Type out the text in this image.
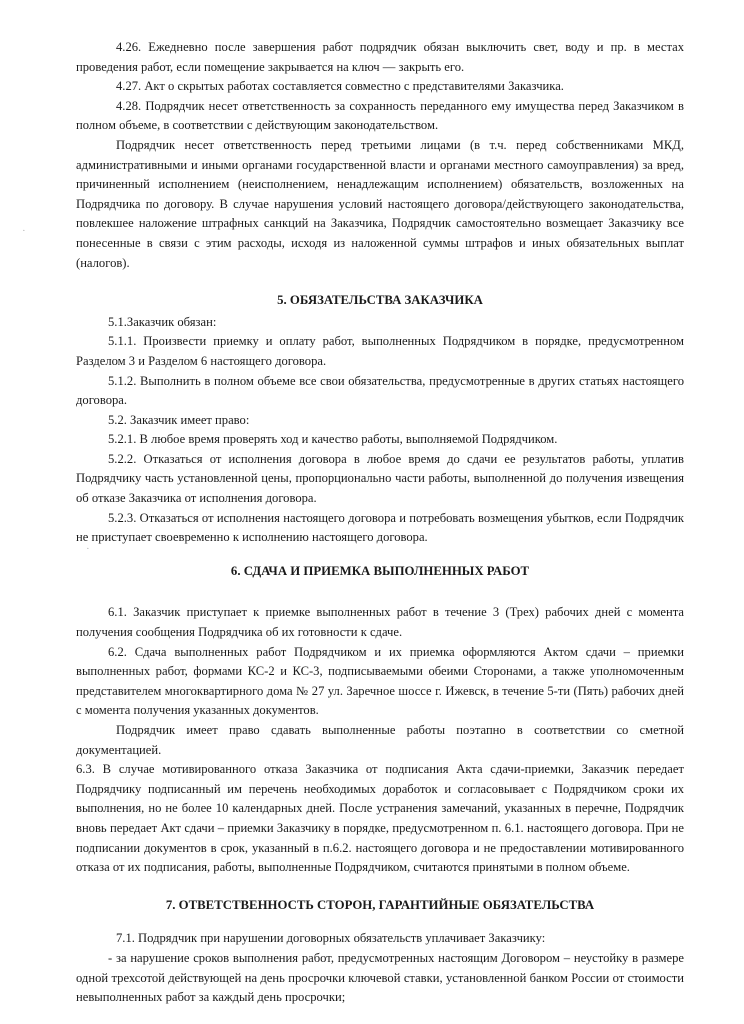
4.26. Ежедневно после завершения работ подрядчик обязан выключить свет, воду и пр. в местах проведения работ, если помещение закрывается на ключ — закрыть его.

4.27. Акт о скрытых работах составляется совместно с представителями Заказчика.

4.28. Подрядчик несет ответственность за сохранность переданного ему имущества перед Заказчиком в полном объеме, в соответствии с действующим законодательством.

Подрядчик несет ответственность перед третьими лицами (в т.ч. перед собственниками МКД, административными и иными органами государственной власти и органами местного самоуправления) за вред, причиненный исполнением (неисполнением, ненадлежащим исполнением) обязательств, возложенных на Подрядчика по договору. В случае нарушения условий настоящего договора/действующего законодательства, повлекшее наложение штрафных санкций на Заказчика, Подрядчик самостоятельно возмещает Заказчику все понесенные в связи с этим расходы, исходя из наложенной суммы штрафов и иных обязательных выплат (налогов).

5. ОБЯЗАТЕЛЬСТВА ЗАКАЗЧИКА

5.1.Заказчик обязан:

5.1.1. Произвести приемку и оплату работ, выполненных Подрядчиком в порядке, предусмотренном Разделом 3 и Разделом 6 настоящего договора.

5.1.2. Выполнить в полном объеме все свои обязательства, предусмотренные в других статьях настоящего договора.

5.2. Заказчик имеет право:

5.2.1. В любое время проверять ход и качество работы, выполняемой Подрядчиком.

5.2.2. Отказаться от исполнения договора в любое время до сдачи ее результатов работы, уплатив Подрядчику часть установленной цены, пропорционально части работы, выполненной до получения извещения об отказе Заказчика от исполнения договора.

5.2.3. Отказаться от исполнения настоящего договора и потребовать возмещения убытков, если Подрядчик не приступает своевременно к исполнению настоящего договора.

6. СДАЧА И ПРИЕМКА ВЫПОЛНЕННЫХ РАБОТ

6.1. Заказчик приступает к приемке выполненных работ в течение 3 (Трех) рабочих дней с момента получения сообщения Подрядчика об их готовности к сдаче.

6.2. Сдача выполненных работ Подрядчиком и их приемка оформляются Актом сдачи – приемки выполненных работ, формами КС-2 и КС-3, подписываемыми обеими Сторонами, а также уполномоченным представителем многоквартирного дома № 27 ул. Заречное шоссе г. Ижевск, в течение 5-ти (Пять) рабочих дней с момента получения указанных документов.

Подрядчик имеет право сдавать выполненные работы поэтапно в соответствии со сметной документацией.

6.3. В случае мотивированного отказа Заказчика от подписания Акта сдачи-приемки, Заказчик передает Подрядчику подписанный им перечень необходимых доработок и согласовывает с Подрядчиком сроки их выполнения, но не более 10 календарных дней. После устранения замечаний, указанных в перечне, Подрядчик вновь передает Акт сдачи – приемки Заказчику в порядке, предусмотренном п. 6.1. настоящего договора. При не подписании документов в срок, указанный в п.6.2. настоящего договора и не предоставлении мотивированного отказа от их подписания, работы, выполненные Подрядчиком, считаются принятыми в полном объеме.

7. ОТВЕТСТВЕННОСТЬ СТОРОН, ГАРАНТИЙНЫЕ ОБЯЗАТЕЛЬСТВА

7.1. Подрядчик при нарушении договорных обязательств уплачивает Заказчику:

- за нарушение сроков выполнения работ, предусмотренных настоящим Договором – неустойку в размере одной трехсотой действующей на день просрочки ключевой ставки, установленной банком России от стоимости невыполненных работ за каждый день просрочки;

·
·
